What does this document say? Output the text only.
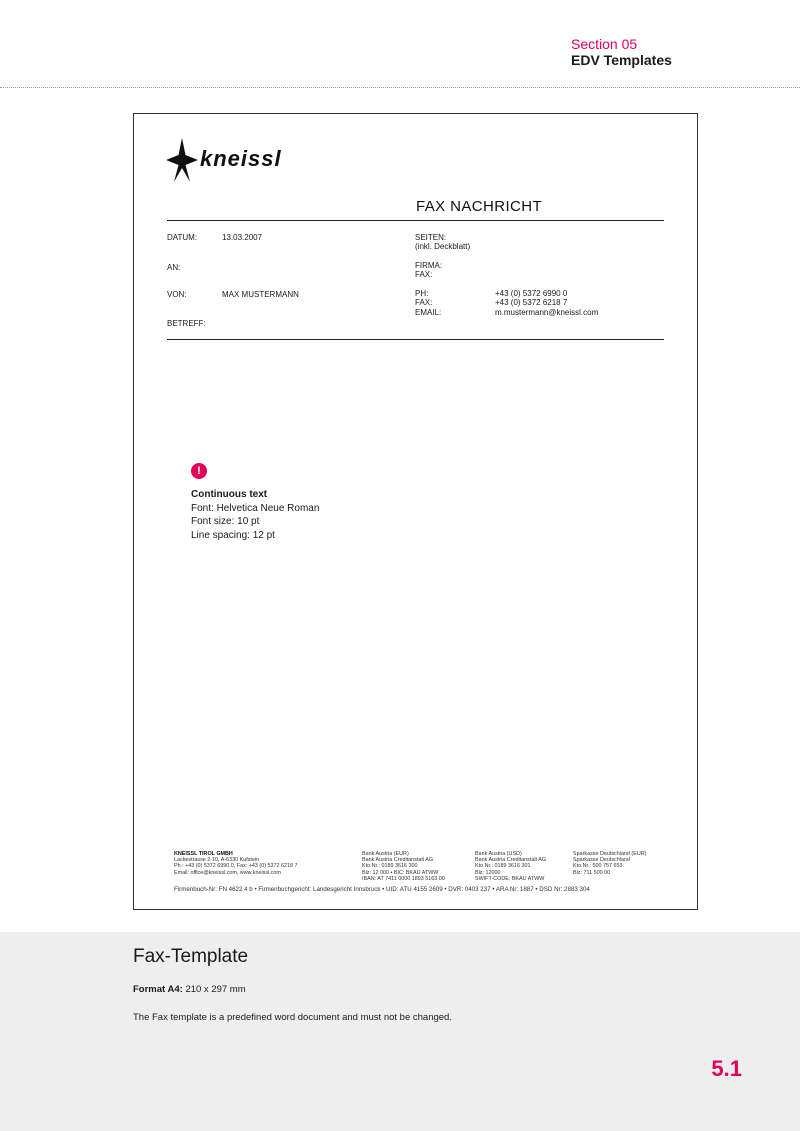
Section 05
EDV Templates
kneissl
FAX NACHRICHT
DATUM:	13.03.2007
AN:
VON:	MAX MUSTERMANN
BETREFF:
SEITEN:
(inkl. Deckblatt)
FIRMA:
FAX:
PH:	+43 (0) 5372 6990 0
FAX:	+43 (0) 5372 6218 7
EMAIL:	m.mustermann@kneissl.com
!
Continuous text
Font: Helvetica Neue Roman
Font size: 10 pt
Line spacing: 12 pt
KNEISSL TIROL GMBH
Lackestrasse 2-10, A-6330 Kufstein
Ph.: +43 (0) 5372 6990 0, Fax: +43 (0) 5372 6218 7
Email: office@kneissl.com, www.kneissl.com
Bank Austria (EUR)
Bank Austria Creditanstalt AG
Kto.Nr.: 0189 3616 300
Blz: 12 000 • BIC: BKAU ATWW
IBAN: AT 7411 0000 1893 5163 00
Bank Austria (USD)
Bank Austria Creditanstalt AG
Kto.Nr.: 0189 3616 301
Blz: 12000
SWIFT-CODE: BKAU ATWW
Sparkasse Deutschland (EUR)
Sparkasse Deutschland
Kto.Nr.: 500 757 653
Blz: 711 500 00
Firmenbuch-Nr: FN 4622 4 b • Firmenbuchgericht: Landesgericht Innsbruck • UID: ATU 4155 2609 • DVR: 0403 237 • ARA Nr: 1887 • DSD Nr: 2883 304
Fax-Template
Format A4: 210 x 297 mm
The Fax template is a predefined word document and must not be changed.
5.1
